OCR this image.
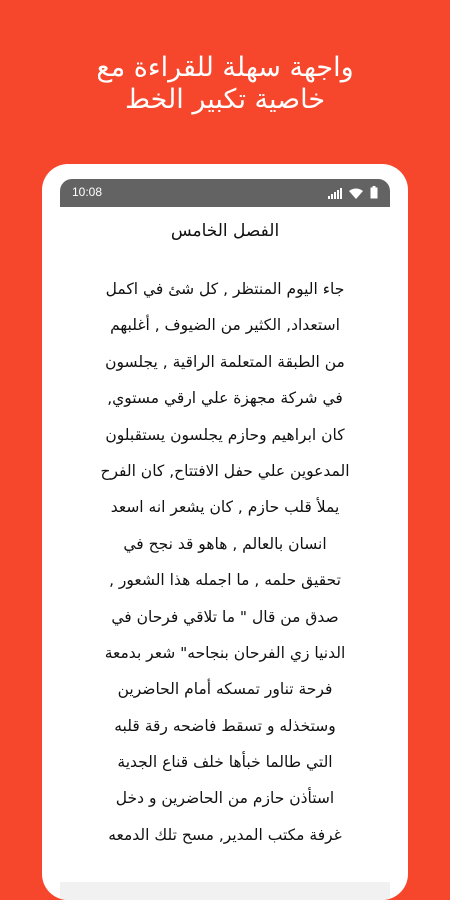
واجهة سهلة للقراءة مع
خاصية تكبير الخط
10:08
الفصل الخامس
جاء اليوم المنتظر , كل شئ في اكمل
استعداد, الكثير من الضيوف , أغلبهم
من الطبقة المتعلمة الراقية , يجلسون
في شركة مجهزة علي ارقي مستوي,
كان ابراهيم وحازم يجلسون يستقبلون
المدعوين علي حفل الافتتاح, كان الفرح
يملأ قلب حازم , كان يشعر انه اسعد
انسان بالعالم , هاهو قد نجح في
تحقيق حلمه , ما اجمله هذا الشعور ,
صدق من قال " ما تلاقي فرحان في
الدنيا زي الفرحان بنجاحه" شعر بدمعة
فرحة تناور تمسكه أمام الحاضرين
وستخذله و تسقط فاضحه رقة قلبه
التي طالما خبأها خلف قناع الجدية
استأذن حازم من الحاضرين و دخل
غرفة مكتب المدير, مسح تلك الدمعه
